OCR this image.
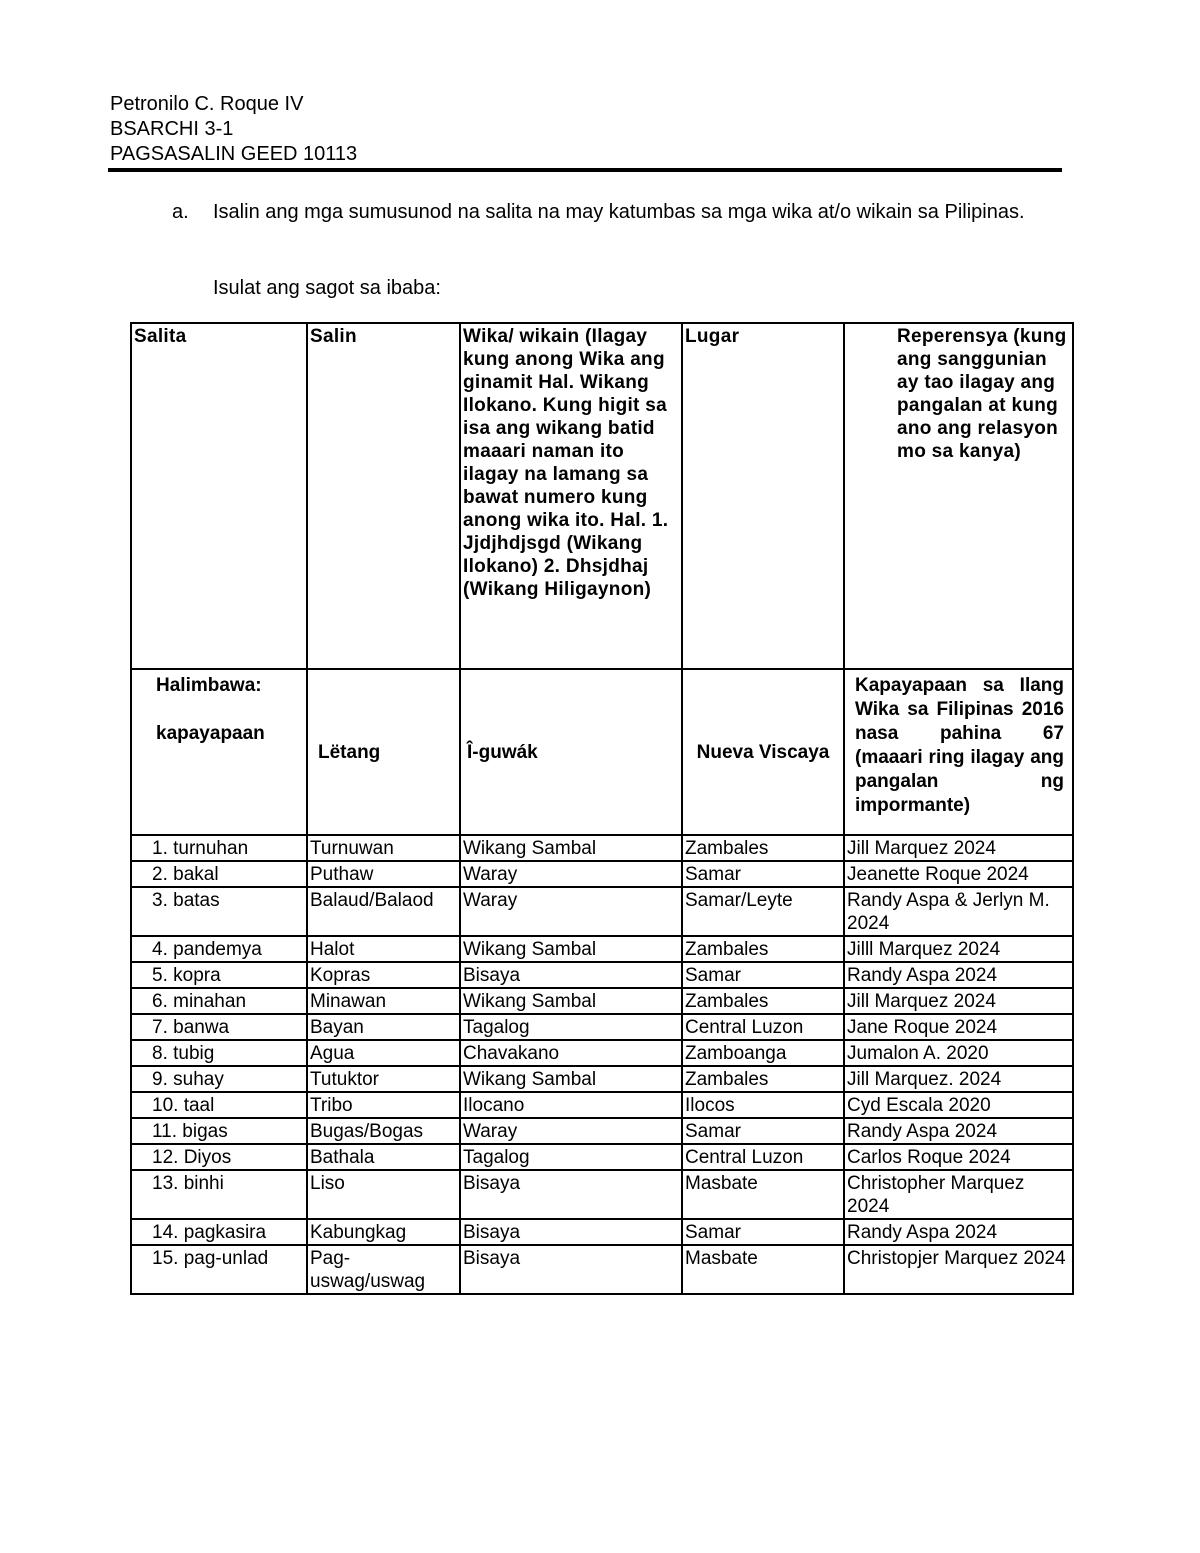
Petronilo C. Roque IV
BSARCHI 3-1
PAGSASALIN GEED 10113
a. Isalin ang mga sumusunod na salita na may katumbas sa mga wika at/o wikain sa Pilipinas.
Isulat ang sagot sa ibaba:
Salita	Salin	Wika/ wikain (Ilagay kung anong Wika ang ginamit Hal. Wikang Ilokano. Kung higit sa isa ang wikang batid maaari naman ito ilagay na lamang sa bawat numero kung anong wika ito. Hal. 1. Jjdjhdjsgd (Wikang Ilokano) 2. Dhsjdhaj (Wikang Hiligaynon)	Lugar	Reperensya (kung ang sanggunian ay tao ilagay ang pangalan at kung ano ang relasyon mo sa kanya)

Halimbawa:
kapayapaan	Lëtang	Î-guwák	Nueva Viscaya	Kapayapaan sa Ilang Wika sa Filipinas 2016 nasa pahina 67 (maaari ring ilagay ang pangalan ng impormante)
1. turnuhan	Turnuwan	Wikang Sambal	Zambales	Jill Marquez 2024
2. bakal	Puthaw	Waray	Samar	Jeanette Roque 2024
3. batas	Balaud/Balaod	Waray	Samar/Leyte	Randy Aspa & Jerlyn M. 2024
4. pandemya	Halot	Wikang Sambal	Zambales	Jilll Marquez 2024
5. kopra	Kopras	Bisaya	Samar	Randy Aspa 2024
6. minahan	Minawan	Wikang Sambal	Zambales	Jill Marquez 2024
7. banwa	Bayan	Tagalog	Central Luzon	Jane Roque 2024
8. tubig	Agua	Chavakano	Zamboanga	Jumalon A. 2020
9. suhay	Tutuktor	Wikang Sambal	Zambales	Jill Marquez. 2024
10. taal	Tribo	Ilocano	Ilocos	Cyd Escala 2020
11. bigas	Bugas/Bogas	Waray	Samar	Randy Aspa 2024
12. Diyos	Bathala	Tagalog	Central Luzon	Carlos Roque 2024
13. binhi	Liso	Bisaya	Masbate	Christopher Marquez 2024
14. pagkasira	Kabungkag	Bisaya	Samar	Randy Aspa 2024
15. pag-unlad	Pag-uswag/uswag	Bisaya	Masbate	Christopjer Marquez 2024
